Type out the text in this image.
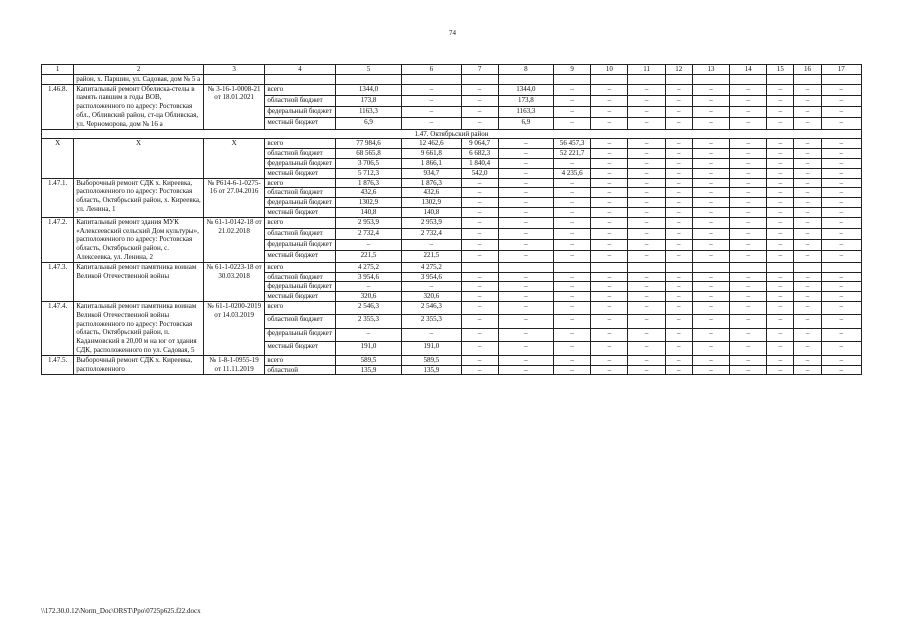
74
1	2	3	4	5	6	7	8	9	10	11	12	13	14	15	16	17
	район, х. Паршин, ул. Садовая, дом № 5 а															
1.46.8.	Капитальный ремонт Обелиска-стелы в память павшим в годы ВОВ, расположенного по адресу: Ростовская обл., Обливский район, ст-ца Обливская, ул. Черноморова, дом № 16 а	№ 3-16-1-0008-21 от 18.01.2021	всего	1344,0	–	–	1344,0	–	–	–	–	–	–	–	–	–
			областной бюджет	173,8	–	–	173,8	–	–	–	–	–	–	–	–	–
			федеральный бюджет	1163,3	–	–	1163,3	–	–	–	–	–	–	–	–	–
			местный бюджет	6,9	–	–	6,9	–	–	–	–	–	–	–	–	–
1.47. Октябрьский район																
Х	Х	Х	всего	77 984,6	12 462,6	9 064,7	–	56 457,3	–	–	–	–	–	–	–	–
			областной бюджет	68 565,8	9 661,8	6 682,3	–	52 221,7	–	–	–	–	–	–	–	–
			федеральный бюджет	3 706,5	1 866,1	1 840,4	–	–	–	–	–	–	–	–	–	–
			местный бюджет	5 712,3	934,7	542,0	–	4 235,6	–	–	–	–	–	–	–	–
1.47.1.	Выборочный ремонт СДК х. Киреевка, расположенного по адресу: Ростовская область, Октябрьский район, х. Киреевка, ул. Ленина, 1	№ Р614-6-1-0275-16 от 27.04.2016	всего	1 876,3	1 876,3	–	–	–	–	–	–	–	–	–	–	–
			областной бюджет	432,6	432,6	–	–	–	–	–	–	–	–	–	–	–
			федеральный бюджет	1302,9	1302,9	–	–	–	–	–	–	–	–	–	–	–
			местный бюджет	140,8	140,8	–	–	–	–	–	–	–	–	–	–	–
1.47.2.	Капитальный ремонт здания МУК «Алексеевский сельский Дом культуры», расположенного по адресу: Ростовская область, Октябрьский район, с. Алексеевка, ул. Ленина, 2	№ 61-1-0142-18 от 21.02.2018	всего	2 953,9	2 953,9	–	–	–	–	–	–	–	–	–	–	–
			областной бюджет	2 732,4	2 732,4	–	–	–	–	–	–	–	–	–	–	–
			федеральный бюджет	–	–	–	–	–	–	–	–	–	–	–	–	–
			местный бюджет	221,5	221,5	–	–	–	–	–	–	–	–	–	–	–
1.47.3.	Капитальный ремонт памятника воинам Великой Отечественной войны	№ 61-1-0223-18 от 30.03.2018	всего	4 275,2	4 275,2											
			областной бюджет	3 954,6	3 954,6	–	–	–	–	–	–	–	–	–	–	–
			федеральный бюджет	–	–	–	–	–	–	–	–	–	–	–	–	–
			местный бюджет	320,6	320,6	–	–	–	–	–	–	–	–	–	–	–
1.47.4.	Капитальный ремонт памятника воинам Великой Отечественной войны расположенного по адресу: Ростовская область, Октябрьский район, п. Каданмовский в 20,00 м на юг от здания СДК, расположенного по ул. Садовая, 5	№ 61-1-0200-2019 от 14.03.2019	всего	2 546,3	2 546,3	–	–	–	–	–	–	–	–	–	–	–
			областной бюджет	2 355,3	2 355,3	–	–	–	–	–	–	–	–	–	–	–
			федеральный бюджет	–	–	–	–	–	–	–	–	–	–	–	–	–
			местный бюджет	191,0	191,0	–	–	–	–	–	–	–	–	–	–	–
1.47.5.	Выборочный ремонт СДК х. Киреевка, расположенного	№ 1-8-1-0955-19 от 11.11.2019	всего	589,5	589,5	–	–	–	–	–	–	–	–	–	–	–
			областной	135,9	135,9	–	–	–	–	–	–	–	–	–	–	–
\\172.30.0.12\Norm_Doc\ORST\Ppo\0725p625.f22.docx
